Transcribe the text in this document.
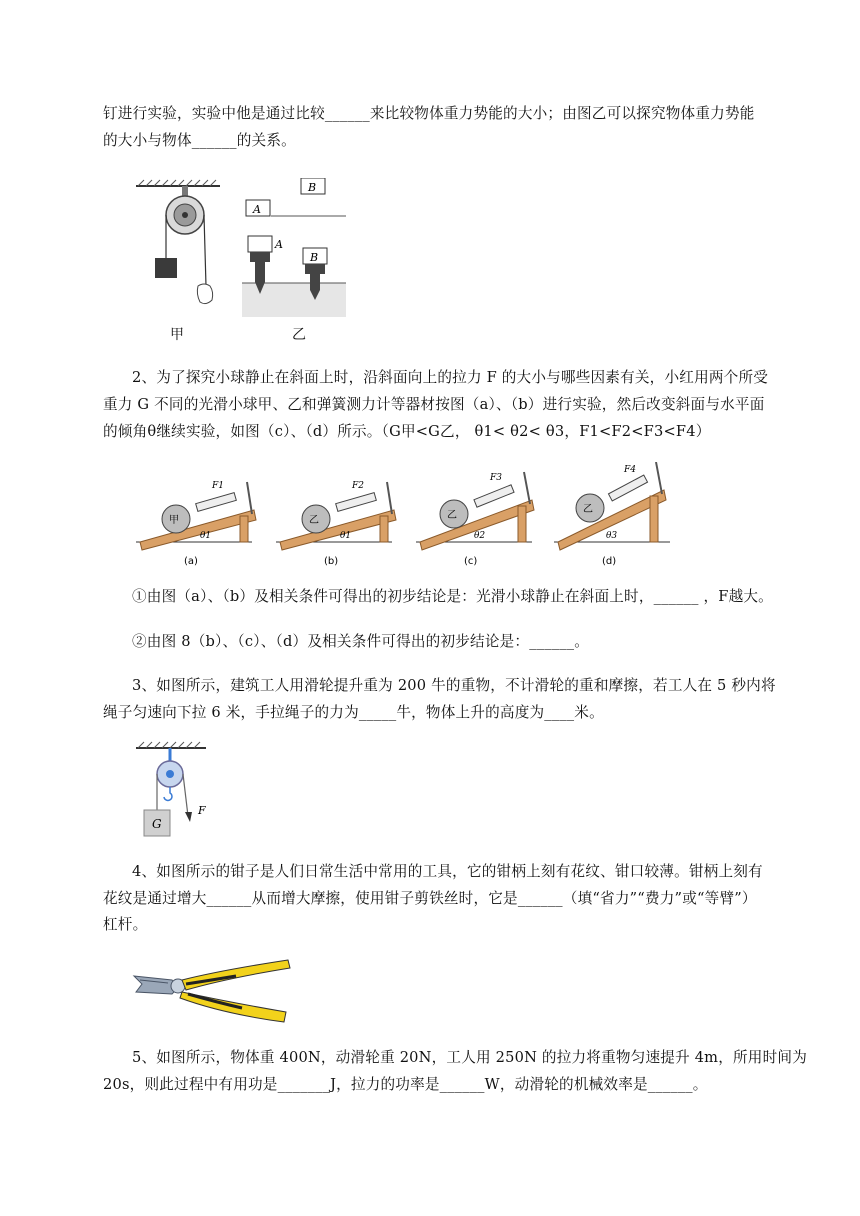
钉进行实验，实验中他是通过比较______来比较物体重力势能的大小；由图乙可以探究物体重力势能
的大小与物体______的关系。
A
B
A
B
甲	乙
2、为了探究小球静止在斜面上时，沿斜面向上的拉力 F 的大小与哪些因素有关，小红用两个所受
重力 G 不同的光滑小球甲、乙和弹簧测力计等器材按图（a）、（b）进行实验，然后改变斜面与水平面
的倾角θ继续实验，如图（c）、（d）所示。（G甲<G乙， θ1< θ2< θ3，F1<F2<F3<F4）
甲
F1
θ1
(a)
乙
F2
θ1
(b)
乙
F3
θ2
(c)
乙
F4
θ3
(d)
①由图（a）、（b）及相关条件可得出的初步结论是：光滑小球静止在斜面上时，______ ，F越大。
②由图 8（b）、（c）、（d）及相关条件可得出的初步结论是：______。
3、如图所示，建筑工人用滑轮提升重为 200 牛的重物，不计滑轮的重和摩擦，若工人在 5 秒内将
绳子匀速向下拉 6 米，手拉绳子的力为_____牛，物体上升的高度为____米。
F
G
4、如图所示的钳子是人们日常生活中常用的工具，它的钳柄上刻有花纹、钳口较薄。钳柄上刻有
花纹是通过增大______从而增大摩擦，使用钳子剪铁丝时，它是______（填“省力”“费力”或“等臂”）
杠杆。
5、如图所示，物体重 400N，动滑轮重 20N，工人用 250N 的拉力将重物匀速提升 4m，所用时间为
20s，则此过程中有用功是_______J，拉力的功率是______W，动滑轮的机械效率是______。
